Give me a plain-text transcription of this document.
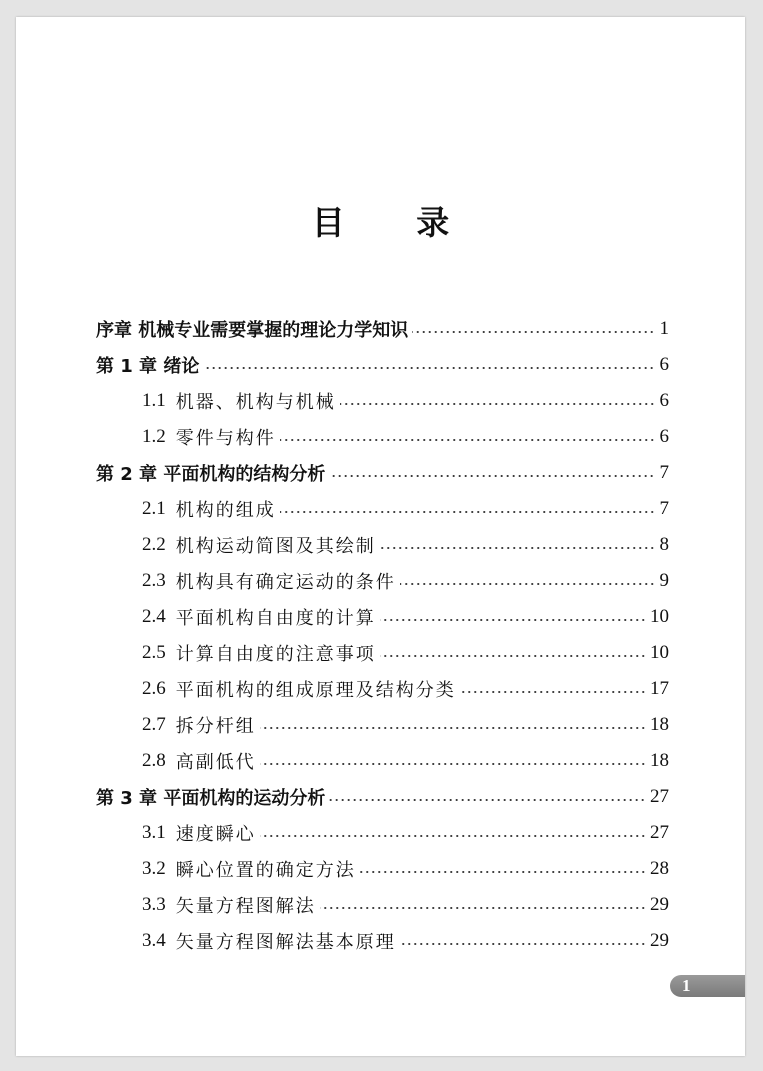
目 录
序章 机械专业需要掌握的理论力学知识	1
第 1 章 绪论	6
1.1 机器、机构与机械	6
1.2 零件与构件	6
第 2 章 平面机构的结构分析	7
2.1 机构的组成	7
2.2 机构运动简图及其绘制	8
2.3 机构具有确定运动的条件	9
2.4 平面机构自由度的计算	10
2.5 计算自由度的注意事项	10
2.6 平面机构的组成原理及结构分类	17
2.7 拆分杆组	18
2.8 高副低代	18
第 3 章 平面机构的运动分析	27
3.1 速度瞬心	27
3.2 瞬心位置的确定方法	28
3.3 矢量方程图解法	29
3.4 矢量方程图解法基本原理	29
1
